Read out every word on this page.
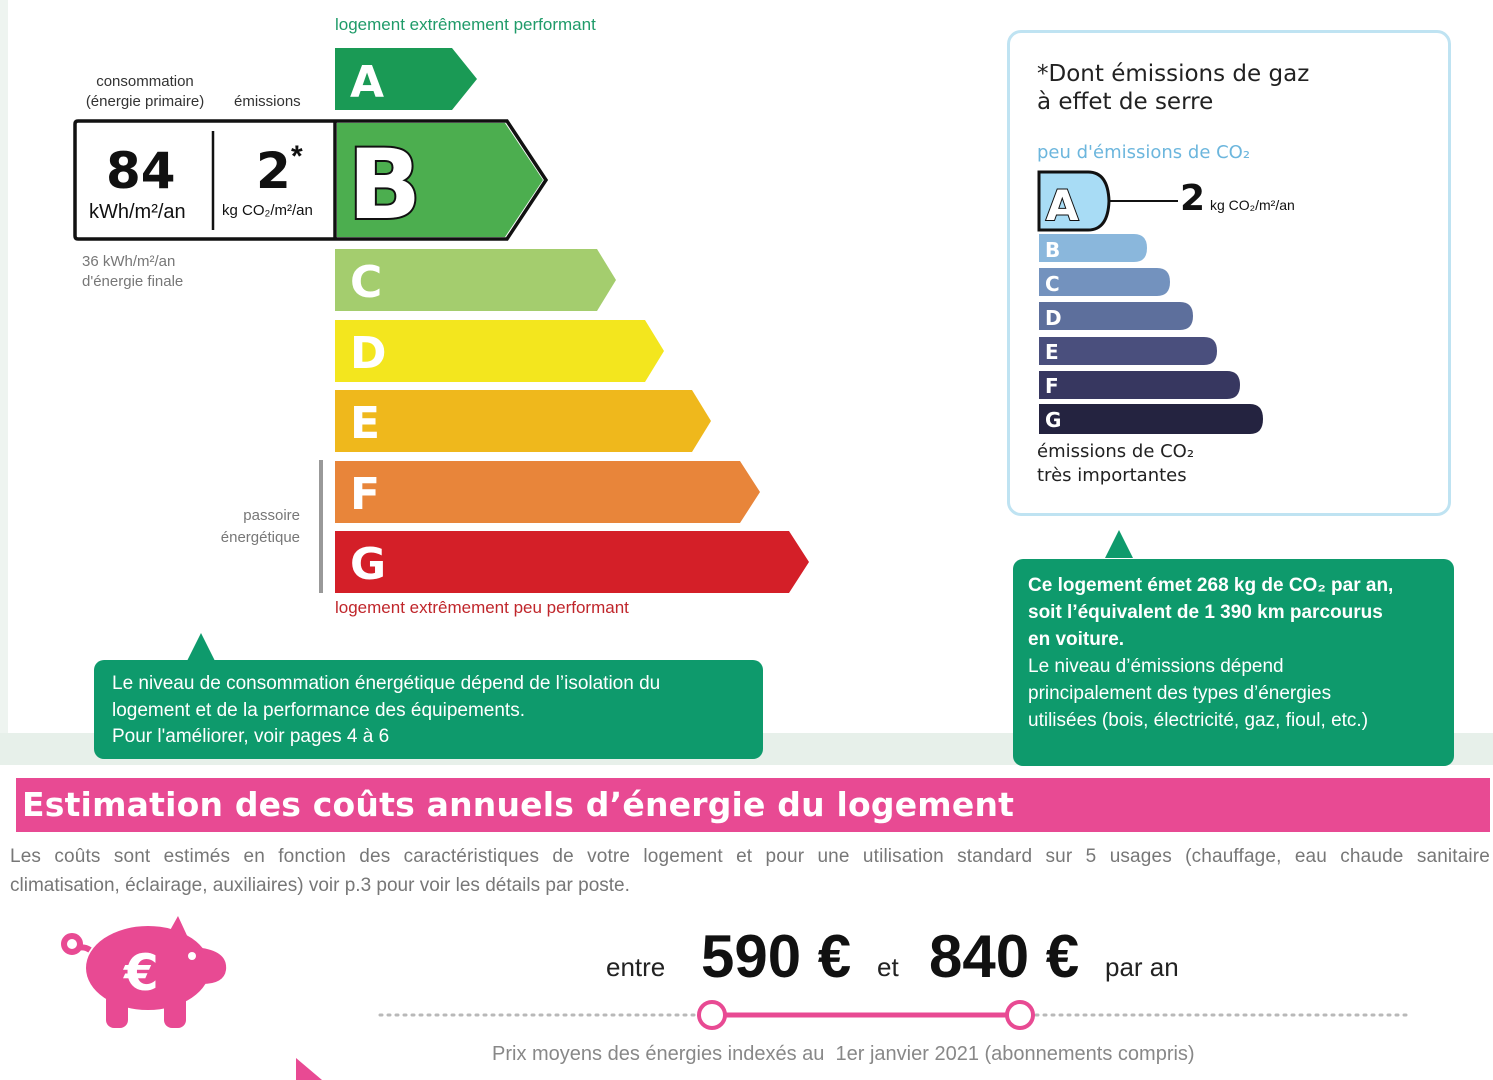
logement extrêmement performant
A
B
C
D
E
F
G
consommation
(énergie primaire)	émissions
84
kWh/m²/an
2 *
kg CO₂/m²/an
36 kWh/m²/an
d'énergie finale
passoire
énergétique
logement extrêmement peu performant
Le niveau de consommation énergétique dépend de l’isolation du
logement et de la performance des équipements.
Pour l'améliorer, voir pages 4 à 6
*Dont émissions de gaz
à effet de serre
peu d'émissions de CO₂
A
B
C
D
E
F
G
2 kg CO₂/m²/an
émissions de CO₂
très importantes
Ce logement émet 268 kg de CO₂ par an,
soit l’équivalent de 1 390 km parcourus
en voiture.
Le niveau d’émissions dépend
principalement des types d’énergies
utilisées (bois, électricité, gaz, fioul, etc.)
Estimation des coûts annuels d’énergie du logement
Les coûts sont estimés en fonction des caractéristiques de votre logement et pour une utilisation standard sur 5 usages (chauffage, eau chaude sanitaire
climatisation, éclairage, auxiliaires) voir p.3 pour voir les détails par poste.
€	entre 590 € et 840 € par an
Prix moyens des énergies indexés au  1er janvier 2021 (abonnements compris)
